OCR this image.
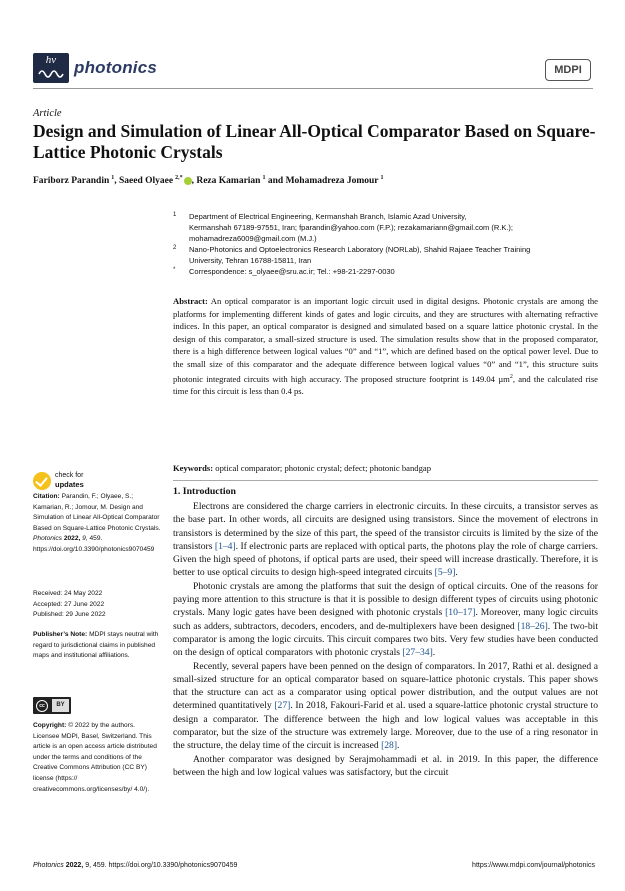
hv	photonics	MDPI
Article
Design and Simulation of Linear All-Optical Comparator Based on Square-Lattice Photonic Crystals
Fariborz Parandin $^1$, Saeed Olyaee $^{2,*}$ , Reza Kamarian $^1$ and Mohamadreza Jomour $^1$
1 Department of Electrical Engineering, Kermanshah Branch, Islamic Azad University,
Kermanshah 67189-97551, Iran; fparandin@yahoo.com (F.P.); rezakamariann@gmail.com (R.K.);
mohamadreza6009@gmail.com (M.J.)
2 Nano-Photonics and Optoelectronics Research Laboratory (NORLab), Shahid Rajaee Teacher Training
University, Tehran 16788-15811, Iran
* Correspondence: s_olyaee@sru.ac.ir; Tel.: +98-21-2297-0030
Abstract: An optical comparator is an important logic circuit used in digital designs. Photonic crystals are among the platforms for implementing different kinds of gates and logic circuits, and they are structures with alternating refractive indices. In this paper, an optical comparator is designed and simulated based on a square lattice photonic crystal. In the design of this comparator, a small-sized structure is used. The simulation results show that in the proposed comparator, there is a high difference between logical values “0” and “1”, which are defined based on the optical power level. Due to the small size of this comparator and the adequate difference between logical values “0” and “1”, this structure suits photonic integrated circuits with high accuracy. The proposed structure footprint is 149.04 µm$^2$, and the calculated rise time for this circuit is less than 0.4 ps.
Keywords: optical comparator; photonic crystal; defect; photonic bandgap
check for
updates
Citation: Parandin, F.; Olyaee, S.; Kamarian, R.; Jomour, M. Design and Simulation of Linear All-Optical Comparator Based on Square-Lattice Photonic Crystals. Photonics 2022, 9, 459. https://doi.org/10.3390/photonics9070459
Received: 24 May 2022
Accepted: 27 June 2022
Published: 29 June 2022
Publisher’s Note: MDPI stays neutral with regard to jurisdictional claims in published maps and institutional affiliations.
cc	BY
Copyright: © 2022 by the authors. Licensee MDPI, Basel, Switzerland. This article is an open access article distributed under the terms and conditions of the Creative Commons Attribution (CC BY) license (https:// creativecommons.org/licenses/by/ 4.0/).
1. Introduction

Electrons are considered the charge carriers in electronic circuits. In these circuits, a transistor serves as the base part. In other words, all circuits are designed using transistors. Since the movement of electrons in transistors is determined by the size of this part, the speed of the transistor circuits is limited by the size of the transistors [1–4]. If electronic parts are replaced with optical parts, the photons play the role of charge carriers. Given the high speed of photons, if optical parts are used, their speed will increase drastically. Therefore, it is better to use optical circuits to design high-speed integrated circuits [5–9].

Photonic crystals are among the platforms that suit the design of optical circuits. One of the reasons for paying more attention to this structure is that it is possible to design different types of circuits using photonic crystals. Many logic gates have been designed with photonic crystals [10–17]. Moreover, many logic circuits such as adders, subtractors, decoders, encoders, and de-multiplexers have been designed [18–26]. The two-bit comparator is among the logic circuits. This circuit compares two bits. Very few studies have been conducted on the design of optical comparators with photonic crystals [27–34].

Recently, several papers have been penned on the design of comparators. In 2017, Rathi et al. designed a small-sized structure for an optical comparator based on square-lattice photonic crystals. This paper shows that the structure can act as a comparator using optical power distribution, and the output values are not determined quantitatively [27]. In 2018, Fakouri-Farid et al. used a square-lattice photonic crystal structure to design a comparator. The difference between the high and low logical values was acceptable in this comparator, but the size of the structure was extremely large. Moreover, due to the use of a ring resonator in the structure, the delay time of the circuit is increased [28].

Another comparator was designed by Serajmohammadi et al. in 2019. In this paper, the difference between the high and low logical values was satisfactory, but the circuit

Photonics 2022, 9, 459. https://doi.org/10.3390/photonics9070459	https://www.mdpi.com/journal/photonics
